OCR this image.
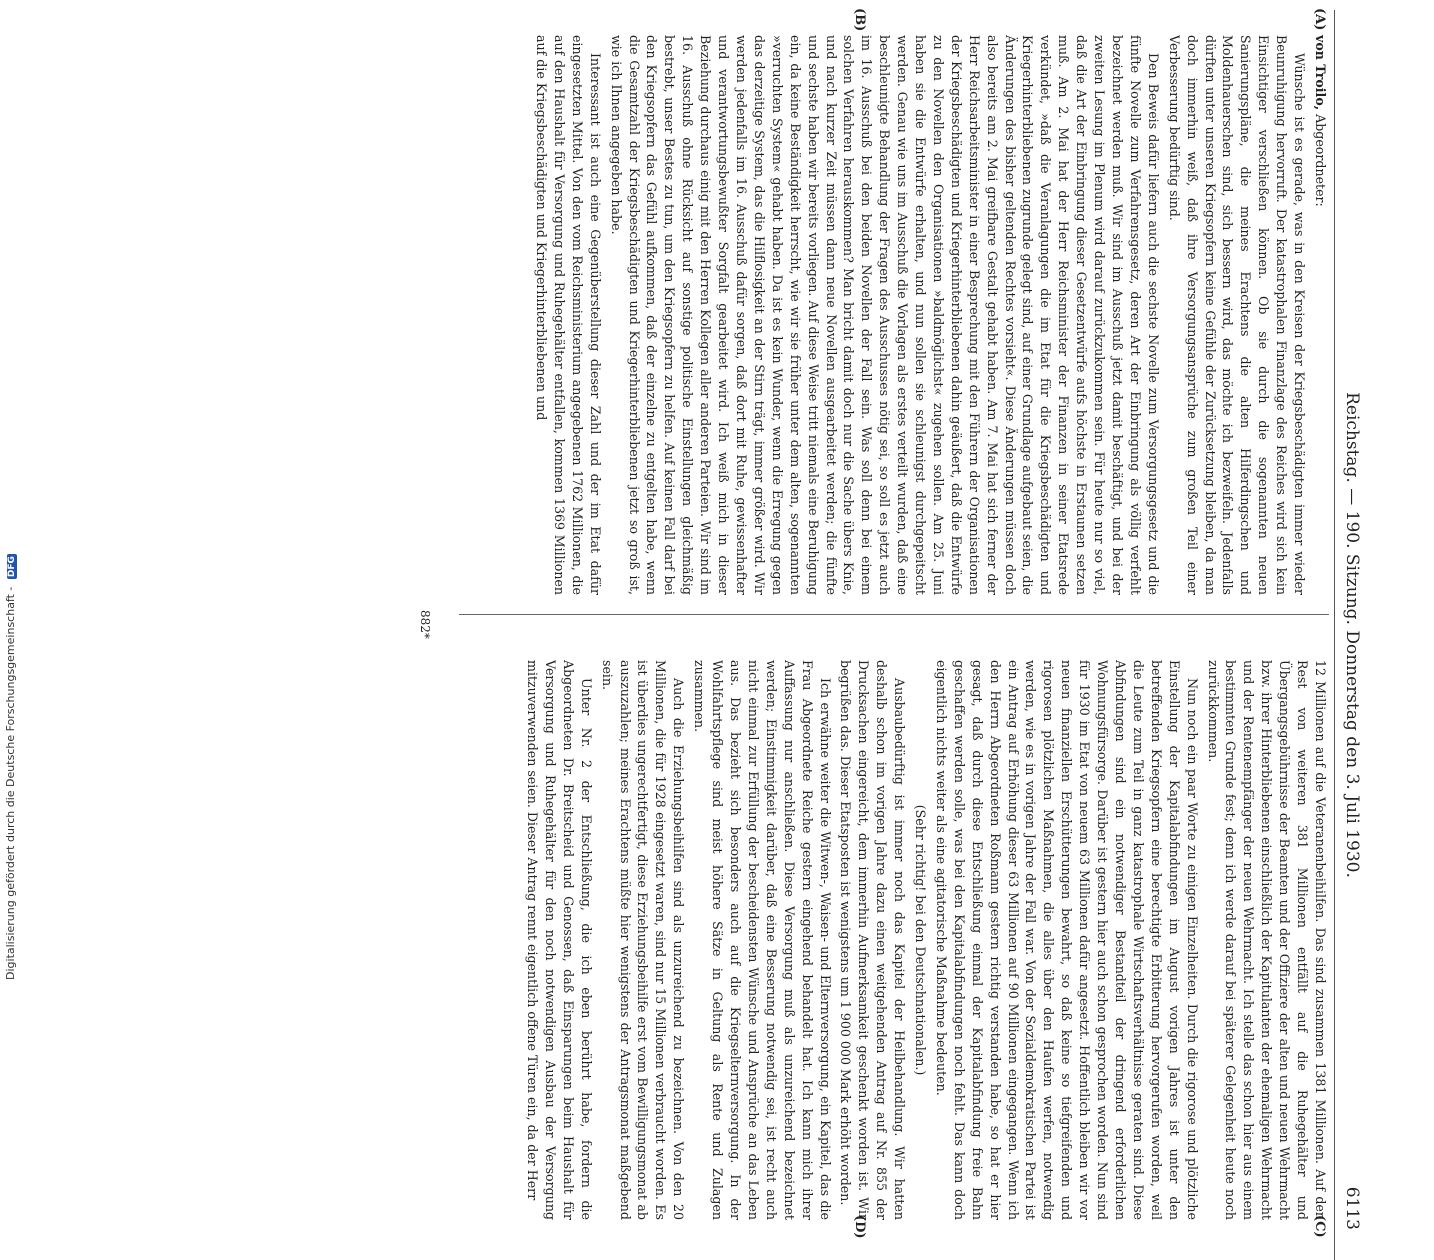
Digitalisierung gefördert durch die Deutsche Forschungsgemeinschaft - DFG	Reichstag. — 190. Sitzung. Donnerstag den 3. Juli 1930.
6113
(A)
(B)
(C)
(D)

von Troilo, Abgeordneter:

Wünsche ist es gerade, was in den Kreisen der Kriegsbeschädigten immer wieder Beunruhigung hervorruft. Der katastrophalen Finanzlage des Reiches wird sich kein Einsichtiger verschließen können. Ob sie durch die sogenannten neuen Sanierungspläne, die meines Erachtens die alten Hilferdingschen und Moldenhauerschen sind, sich bessern wird, das möchte ich bezweifeln. Jedenfalls dürften unter unseren Kriegsopfern keine Gefühle der Zurücksetzung bleiben, da man doch immerhin weiß, daß ihre Versorgungsansprüche zum großen Teil einer Verbesserung bedürftig sind.

Den Beweis dafür liefern auch die sechste Novelle zum Versorgungsgesetz und die fünfte Novelle zum Verfahrensgesetz, deren Art der Einbringung als völlig verfehlt bezeichnet werden muß. Wir sind im Ausschuß jetzt damit beschäftigt, und bei der zweiten Lesung im Plenum wird darauf zurückzukommen sein. Für heute nur so viel, daß die Art der Einbringung dieser Gesetzentwürfe aufs höchste in Erstaunen setzen muß. Am 2. Mai hat der Herr Reichsminister der Finanzen in seiner Etatsrede verkündet, »daß die Veranlagungen die im Etat für die Kriegsbeschädigten und Kriegerhinterbliebenen zugrunde gelegt sind, auf einer Grundlage aufgebaut seien, die Änderungen des bisher geltenden Rechtes vorsieht«. Diese Änderungen müssen doch also bereits am 2. Mai greifbare Gestalt gehabt haben. Am 7. Mai hat sich ferner der Herr Reichsarbeitsminister in einer Besprechung mit den Führern der Organisationen der Kriegsbeschädigten und Kriegerhinterbliebenen dahin geäußert, daß die Entwürfe zu den Novellen den Organisationen »baldmöglichst« zugehen sollen. Am 25. Juni haben sie die Entwürfe erhalten, und nun sollen sie schleunigst durchgepeitscht werden. Genau wie uns im Ausschuß die Vorlagen als erstes verteilt wurden, daß eine beschleunigte Behandlung der Fragen des Ausschusses nötig sei, so soll es jetzt auch im 16. Ausschuß bei den beiden Novellen der Fall sein. Was soll denn bei einem solchen Verfahren herauskommen? Man bricht damit doch nur die Sache übers Knie, und nach kurzer Zeit müssen dann neue Novellen ausgearbeitet werden; die fünfte und sechste haben wir bereits vorliegen. Auf diese Weise tritt niemals eine Beruhigung ein, da keine Beständigkeit herrscht, wie wir sie früher unter dem alten, sogenannten »verruchten System« gehabt haben. Da ist es kein Wunder, wenn die Erregung gegen das derzeitige System, das die Hilflosigkeit an der Stirn trägt, immer größer wird. Wir werden jedenfalls im 16. Ausschuß dafür sorgen, daß dort mit Ruhe, gewissenhafter und verantwortungsbewußter Sorgfalt gearbeitet wird. Ich weiß mich in dieser Beziehung durchaus einig mit den Herren Kollegen aller anderen Parteien. Wir sind im 16. Ausschuß ohne Rücksicht auf sonstige politische Einstellungen gleichmäßig bestrebt, unser Bestes zu tun, um den Kriegsopfern zu helfen. Auf keinen Fall darf bei den Kriegsopfern das Gefühl aufkommen, daß der einzelne zu entgelten habe, wenn die Gesamtzahl der Kriegsbeschädigten und Kriegerhinterbliebenen jetzt so groß ist, wie ich Ihnen angegeben habe.

Interessant ist auch eine Gegenüberstellung dieser Zahl und der im Etat dafür eingesetzten Mittel. Von den vom Reichsministerium angegebenen 1762 Millionen, die auf den Haushalt für Versorgung und Ruhegehälter entfallen, kommen 1369 Millionen auf die Kriegsbeschädigten und Kriegerhinterbliebenen und

12 Millionen auf die Veteranenbeihilfen. Das sind zusammen 1381 Millionen. Auf den Rest von weiteren 381 Millionen entfällt auf die Ruhegehälter und Übergangsgebührnisse der Beamten und der Offiziere der alten und neuen Wehrmacht bzw. ihrer Hinterbliebenen einschließlich der Kapitulanten der ehemaligen Wehrmacht und der Rentenempfänger der neuen Wehrmacht. Ich stelle das schon hier aus einem bestimmten Grunde fest; denn ich werde darauf bei späterer Gelegenheit heute noch zurückkommen.

Nun noch ein paar Worte zu einigen Einzelheiten. Durch die rigorose und plötzliche Einstellung der Kapitalabfindungen im August vorigen Jahres ist unter den betreffenden Kriegsopfern eine berechtigte Erbitterung hervorgerufen worden, weil die Leute zum Teil in ganz katastrophale Wirtschaftsverhältnisse geraten sind. Diese Abfindungen sind ein notwendiger Bestandteil der dringend erforderlichen Wohnungsfürsorge. Darüber ist gestern hier auch schon gesprochen worden. Nun sind für 1930 im Etat von neuem 63 Millionen dafür angesetzt. Hoffentlich bleiben wir vor neuen finanziellen Erschütterungen bewahrt, so daß keine so tiefgreifenden und rigorosen plötzlichen Maßnahmen, die alles über den Haufen werfen, notwendig werden, wie es in vorigen Jahre der Fall war. Von der Sozialdemokratischen Partei ist ein Antrag auf Erhöhung dieser 63 Millionen auf 90 Millionen eingegangen. Wenn ich den Herrn Abgeordneten Roßmann gestern richtig verstanden habe, so hat er hier gesagt, daß durch diese Entschließung einmal der Kapitalabfindung freie Bahn geschaffen werden solle, was bei den Kapitalabfindungen noch fehlt. Das kann doch eigentlich nichts weiter als eine agitatorische Maßnahme bedeuten.

(Sehr richtig! bei den Deutschnationalen.)

Ausbaubedürftig ist immer noch das Kapitel der Heilbehandlung. Wir hatten deshalb schon im vorigen Jahre dazu einen weitgehenden Antrag auf Nr. 855 der Drucksachen eingereicht, dem immerhin Aufmerksamkeit geschenkt worden ist. Wir begrüßen das. Dieser Etatsposten ist wenigstens um 1 900 000 Mark erhöht worden.

Ich erwähne weiter die Witwen-, Waisen- und Elternversorgung, ein Kapitel, das die Frau Abgeordnete Reiche gestern eingehend behandelt hat. Ich kann mich ihrer Auffassung nur anschließen. Diese Versorgung muß als unzureichend bezeichnet werden; Einstimmigkeit darüber, daß eine Besserung notwendig sei, ist recht auch nicht einmal zur Erfüllung der bescheidensten Wünsche und Ansprüche an das Leben aus. Das bezieht sich besonders auch auf die Kriegselternversorgung. In der Wohlfahrtspflege sind meist höhere Sätze in Geltung als Rente und Zulagen zusammen.

Auch die Erziehungsbeihilfen sind als unzureichend zu bezeichnen. Von den 20 Millionen, die für 1928 eingesetzt waren, sind nur 15 Millionen verbraucht worden. Es ist überdies ungerechtfertigt, diese Erziehungsbeihilfe erst vom Bewilligungsmonat ab auszuzahlen; meines Erachtens müßte hier wenigstens der Antragsmonat maßgebend sein.

Unter Nr. 2 der Entschließung, die ich eben berührt habe, fordern die Abgeordneten Dr. Breitscheid und Genossen, daß Einsparungen beim Haushalt für Versorgung und Ruhegehälter für den noch notwendigen Ausbau der Versorgung mitzuverwenden seien. Dieser Antrag rennt eigentlich offene Türen ein, da der Herr

882*
